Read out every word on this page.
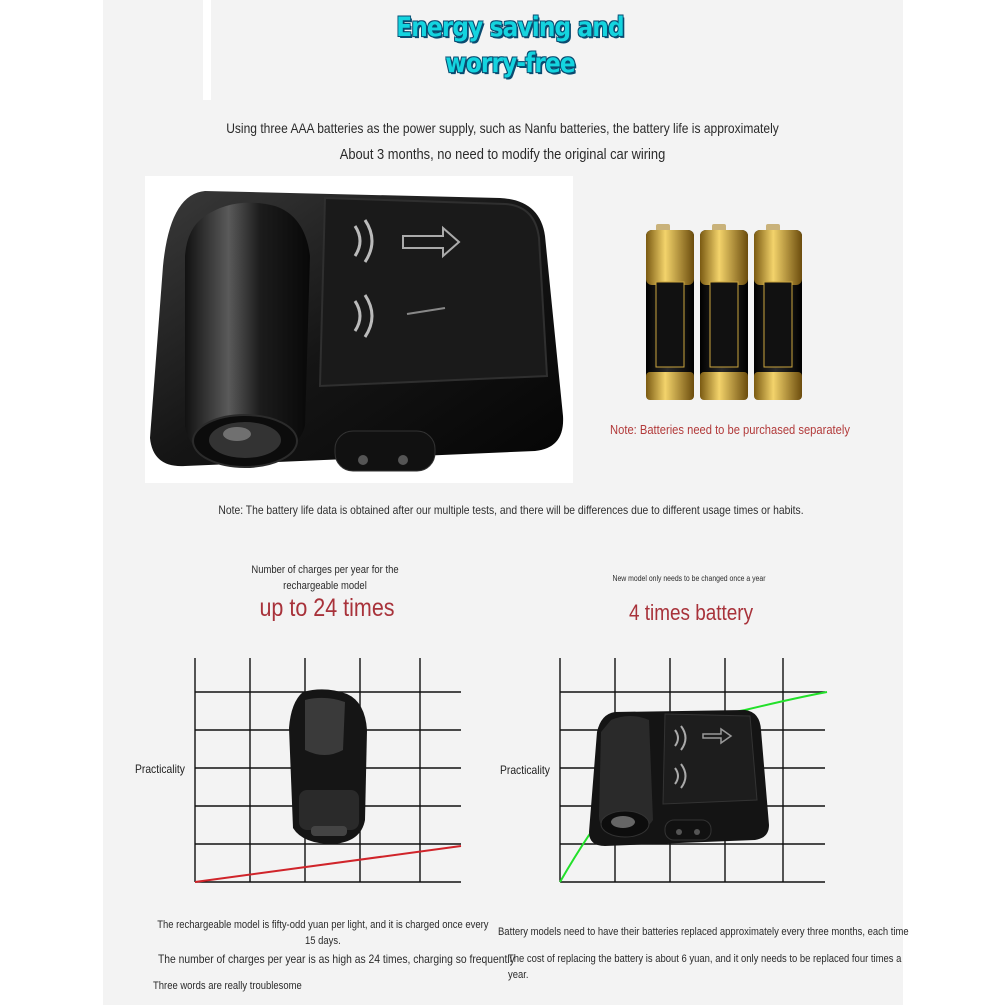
Energy saving and
worry-free
Using three AAA batteries as the power supply, such as Nanfu batteries, the battery life is approximately
About 3 months, no need to modify the original car wiring
Note: Batteries need to be purchased separately
Note: The battery life data is obtained after our multiple tests, and there will be differences due to different usage times or habits.
Number of charges per year for the rechargeable model
up to 24 times
Practicality
New model only needs to be changed once a year
4 times battery
Practicality
The rechargeable model is fifty-odd yuan per light, and it is charged once every 15 days.
The number of charges per year is as high as 24 times, charging so frequently
Three words are really troublesome
Battery models need to have their batteries replaced approximately every three months, each time
The cost of replacing the battery is about 6 yuan, and it only needs to be replaced four times a year.
